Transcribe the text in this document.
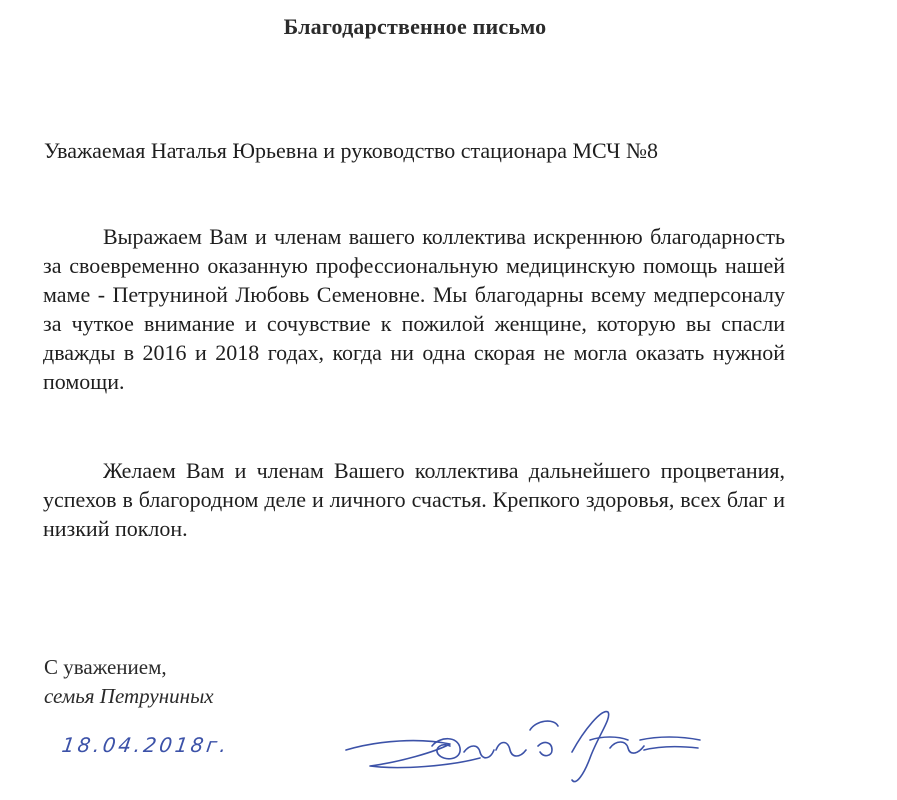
Благодарственное письмо
Уважаемая Наталья Юрьевна и руководство стационара МСЧ №8
Выражаем Вам и членам вашего коллектива искреннюю благодарность за своевременно оказанную профессиональную медицинскую помощь нашей маме - Петруниной Любовь Семеновне. Мы благодарны всему медперсоналу за чуткое внимание и сочувствие к пожилой женщине, которую вы спасли дважды в 2016 и 2018 годах, когда ни одна скорая не могла оказать нужной помощи.
Желаем Вам и членам Вашего коллектива дальнейшего процветания, успехов в благородном деле и личного счастья. Крепкого здоровья, всех благ и низкий поклон.
С уважением,
семья Петруниных
18.04.2018г.
